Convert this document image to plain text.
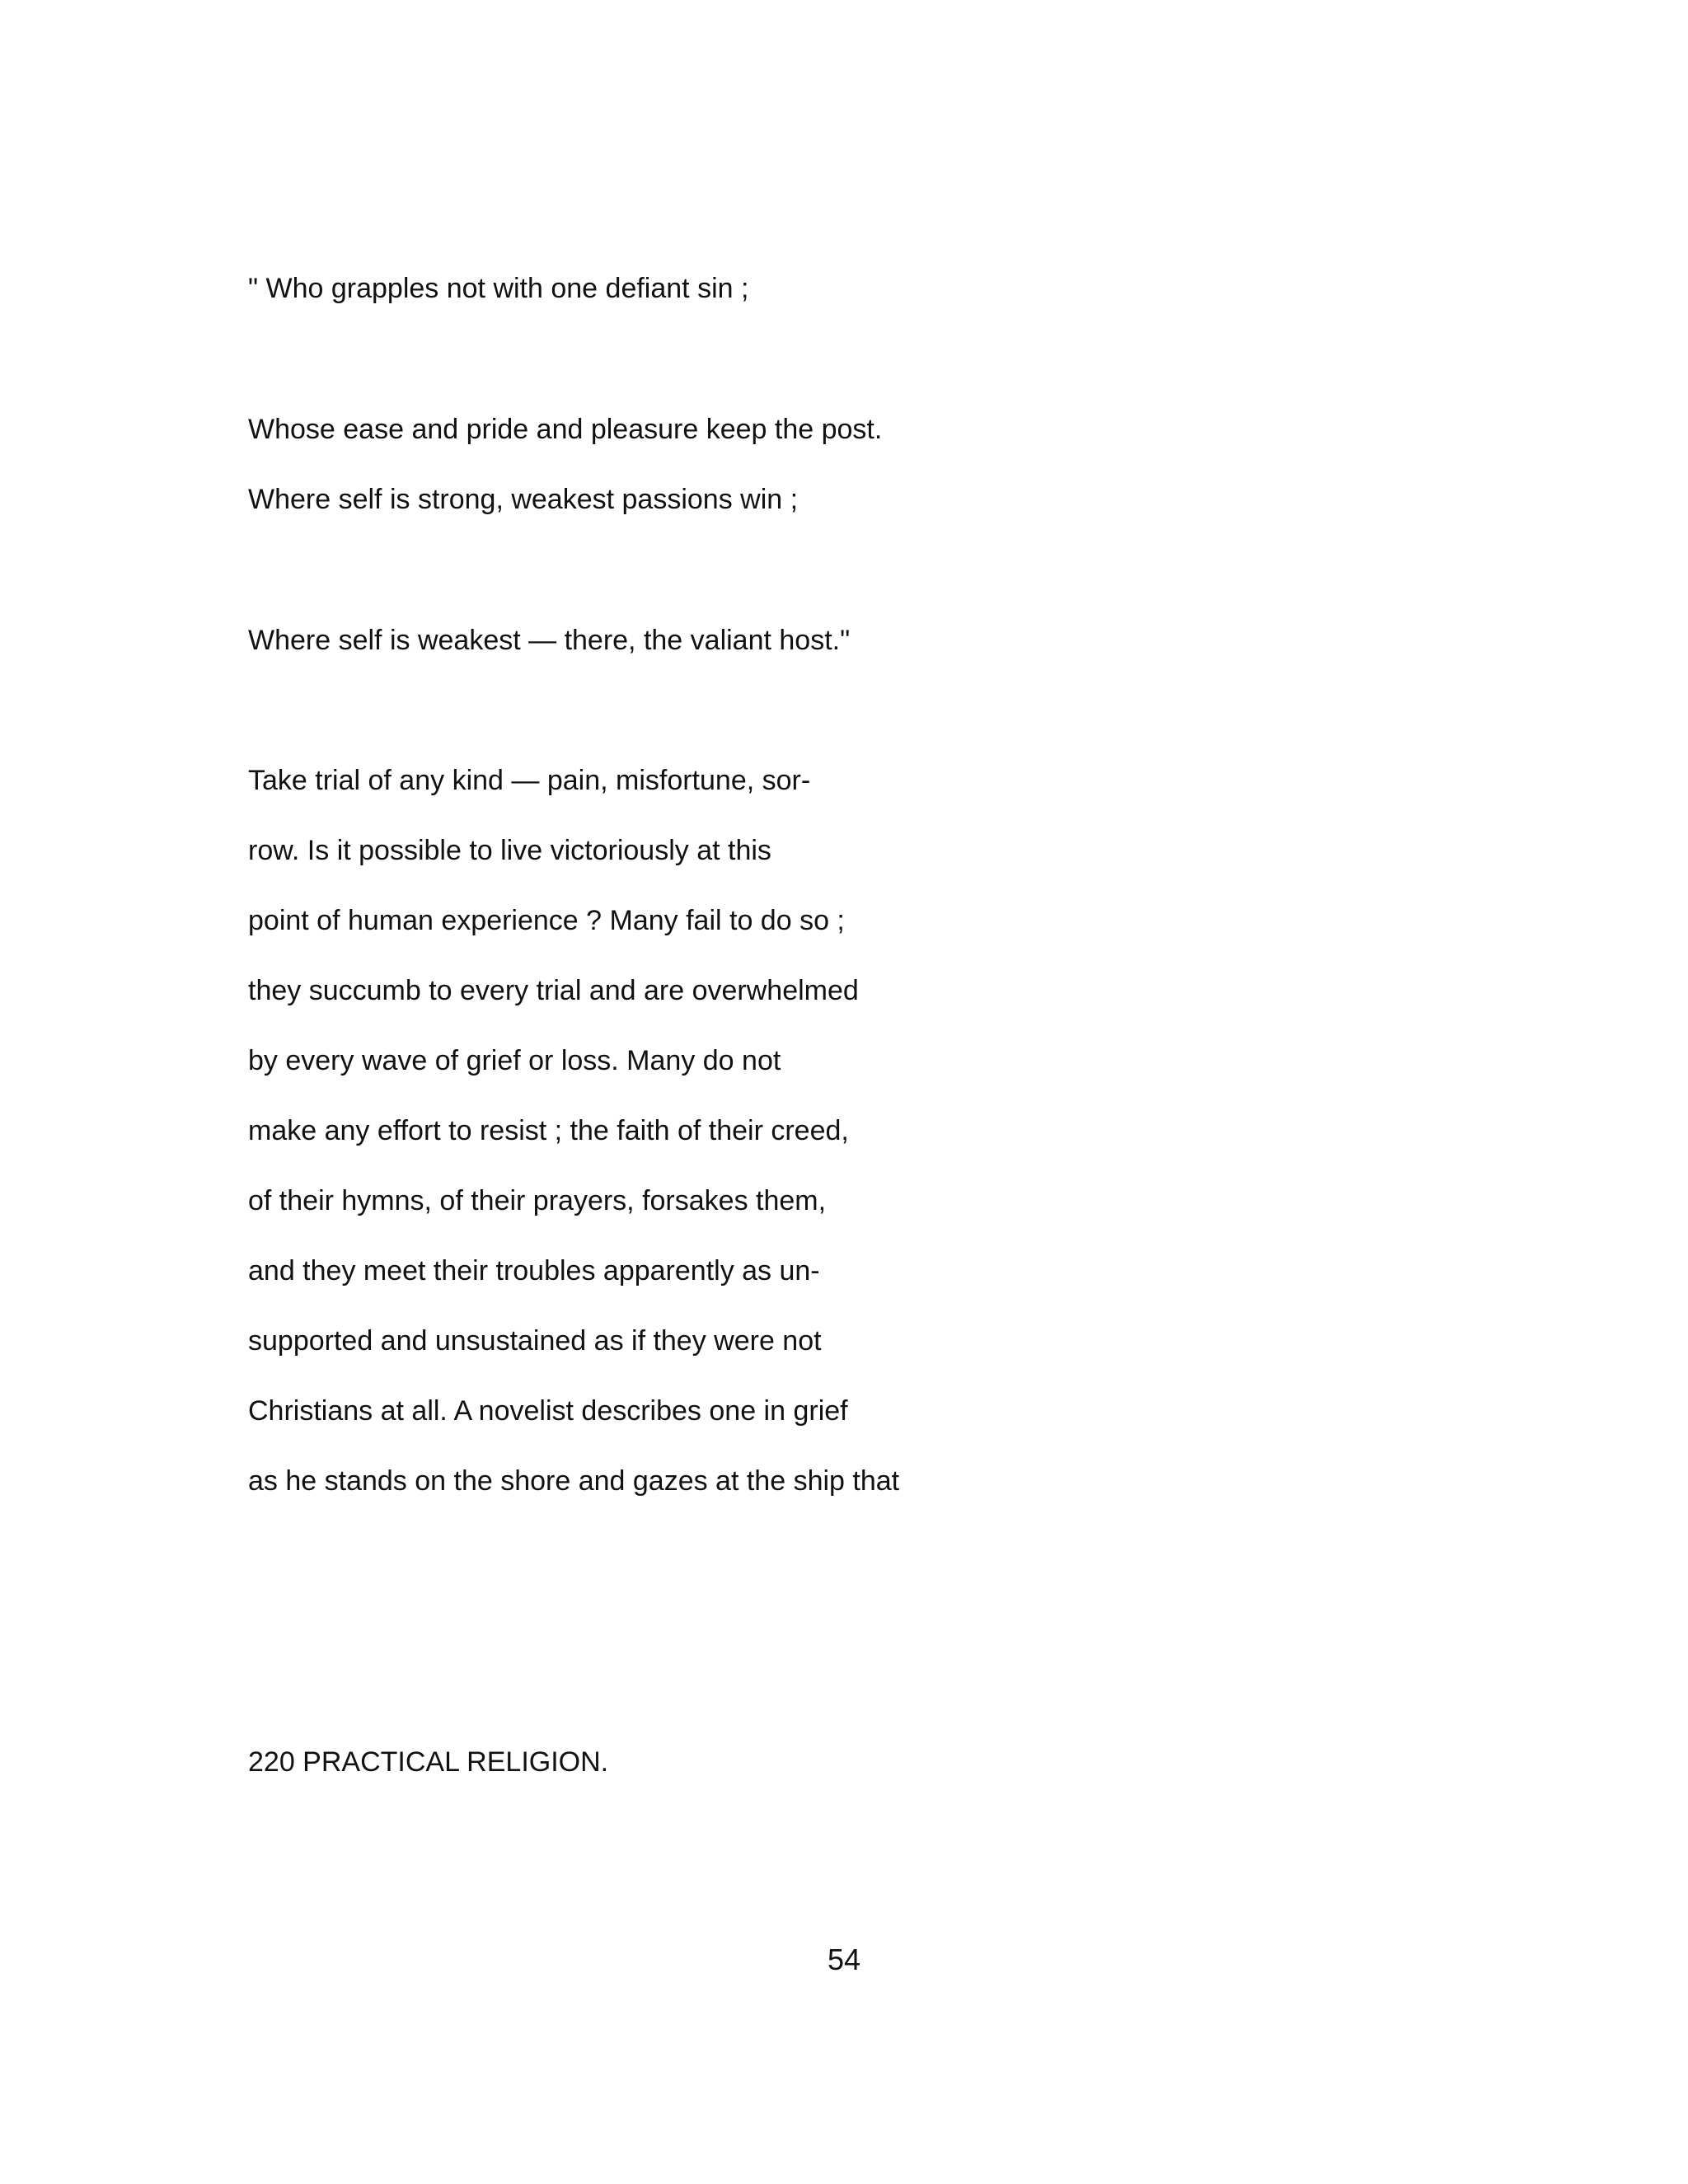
" Who grapples not with one defiant sin ;
Whose ease and pride and pleasure keep the post.
Where self is strong, weakest passions win ;
Where self is weakest — there, the valiant host."
Take trial of any kind — pain, misfortune, sor-
row. Is it possible to live victoriously at this
point of human experience ? Many fail to do so ;
they succumb to every trial and are overwhelmed
by every wave of grief or loss. Many do not
make any effort to resist ; the faith of their creed,
of their hymns, of their prayers, forsakes them,
and they meet their troubles apparently as un-
supported and unsustained as if they were not
Christians at all. A novelist describes one in grief
as he stands on the shore and gazes at the ship that
220 PRACTICAL RELIGION.
54
